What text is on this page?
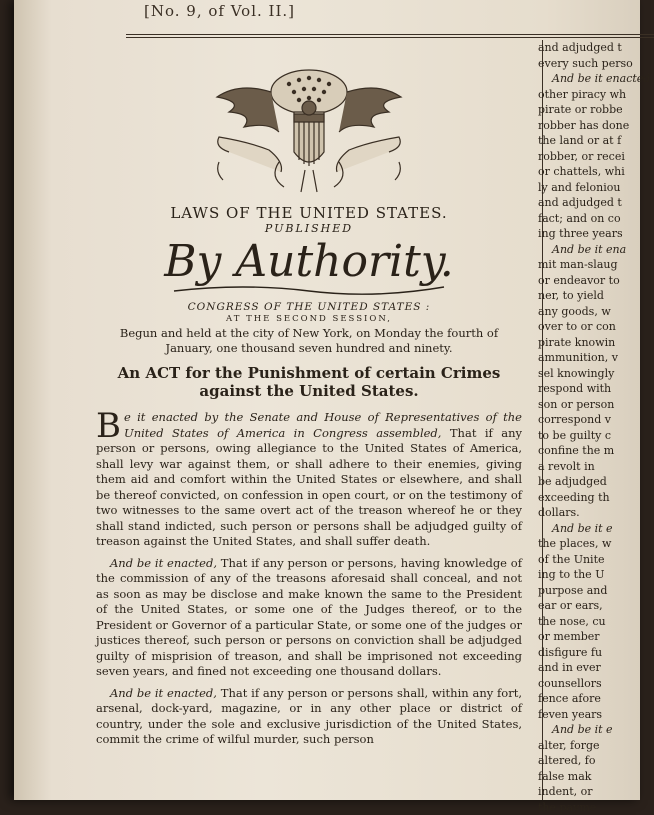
[No. 9, of Vol. II.]
LAWS OF THE UNITED STATES.
PUBLISHED
By Authority.
CONGRESS OF THE UNITED STATES :
AT THE SECOND SESSION,
Begun and held at the city of New York, on Monday the fourth of January, one thousand seven hundred and ninety.
An ACT for the Punishment of certain Crimes against the United States.

Be it enacted by the Senate and House of Representatives of the United States of America in Congress assembled, That if any person or persons, owing allegiance to the United States of America, shall levy war against them, or shall adhere to their enemies, giving them aid and comfort within the United States or elsewhere, and shall be thereof convicted, on confession in open court, or on the testimony of two witnesses to the same overt act of the treason whereof he or they shall stand indicted, such person or persons shall be adjudged guilty of treason against the United States, and shall suffer death.

And be it enacted, That if any person or persons, having knowledge of the commission of any of the treasons aforesaid shall conceal, and not as soon as may be disclose and make known the same to the President of the United States, or some one of the Judges thereof, or to the President or Governor of a particular State, or some one of the judges or justices thereof, such person or persons on conviction shall be adjudged guilty of misprision of treason, and shall be imprisoned not exceeding seven years, and fined not exceeding one thousand dollars.

And be it enacted, That if any person or persons shall, within any fort, arsenal, dock-yard, magazine, or in any other place or district of country, under the sole and exclusive jurisdiction of the United States, commit the crime of wilful murder, such person

and adjudged t
every such perso
And be it enacted
other piracy wh
pirate or robbe
robber has done
the land or at f
robber, or recei
or chattels, whi
ly and feloniou
and adjudged t
fact; and on co
ing three years
And be it ena
mit man-slaug
or endeavor to
ner, to yield
any goods, w
over to or con
pirate knowin
ammunition, v
sel knowingly
respond with
son or person
correspond v
to be guilty c
confine the m
a revolt in
be adjudged
exceeding th
dollars.
And be it e
the places, w
of the Unite
ing to the U
purpose and
ear or ears,
the nose, cu
or member
disfigure fu
and in ever
counsellors
fence afore
feven years
And be it e
alter, forge
altered, fo
false mak
indent, or
the payme
